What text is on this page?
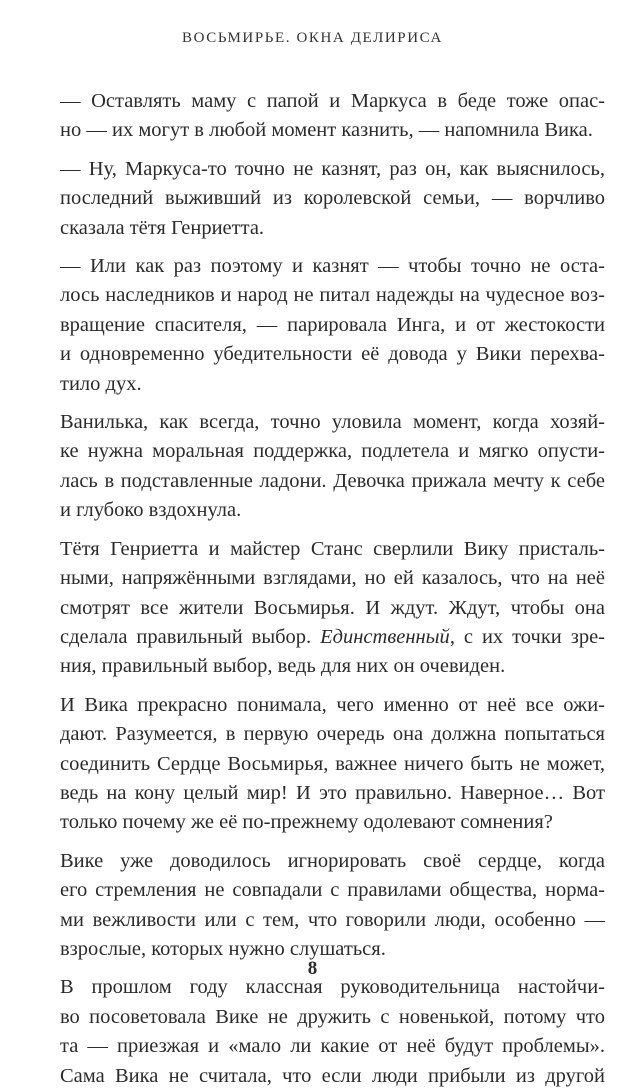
ВОСЬМИРЬЕ. ОКНА ДЕЛИРИСА

— Оставлять маму с папой и Маркуса в беде тоже опас-
но — их могут в любой момент казнить, — напомнила Вика.

— Ну, Маркуса-то точно не казнят, раз он, как выяснилось,
последний выживший из королевской семьи, — ворчливо
сказала тётя Генриетта.

— Или как раз поэтому и казнят — чтобы точно не оста-
лось наследников и народ не питал надежды на чудесное воз-
вращение спасителя, — парировала Инга, и от жестокости
и одновременно убедительности её довода у Вики перехва-
тило дух.

Ванилька, как всегда, точно уловила момент, когда хозяй-
ке нужна моральная поддержка, подлетела и мягко опусти-
лась в подставленные ладони. Девочка прижала мечту к себе
и глубоко вздохнула.

Тётя Генриетта и майстер Станс сверлили Вику присталь-
ными, напряжёнными взглядами, но ей казалось, что на неё
смотрят все жители Восьмирья. И ждут. Ждут, чтобы она
сделала правильный выбор. Единственный, с их точки зре-
ния, правильный выбор, ведь для них он очевиден.

И Вика прекрасно понимала, чего именно от неё все ожи-
дают. Разумеется, в первую очередь она должна попытаться
соединить Сердце Восьмирья, важнее ничего быть не может,
ведь на кону целый мир! И это правильно. Наверное… Вот
только почему же её по-прежнему одолевают сомнения?

Вике уже доводилось игнорировать своё сердце, когда
его стремления не совпадали с правилами общества, норма-
ми вежливости или с тем, что говорили люди, особенно —
взрослые, которых нужно слушаться.

В прошлом году классная руководительница настойчи-
во посоветовала Вике не дружить с новенькой, потому что
та — приезжая и «мало ли какие от неё будут проблемы».
Сама Вика не считала, что если люди прибыли из другой

8
